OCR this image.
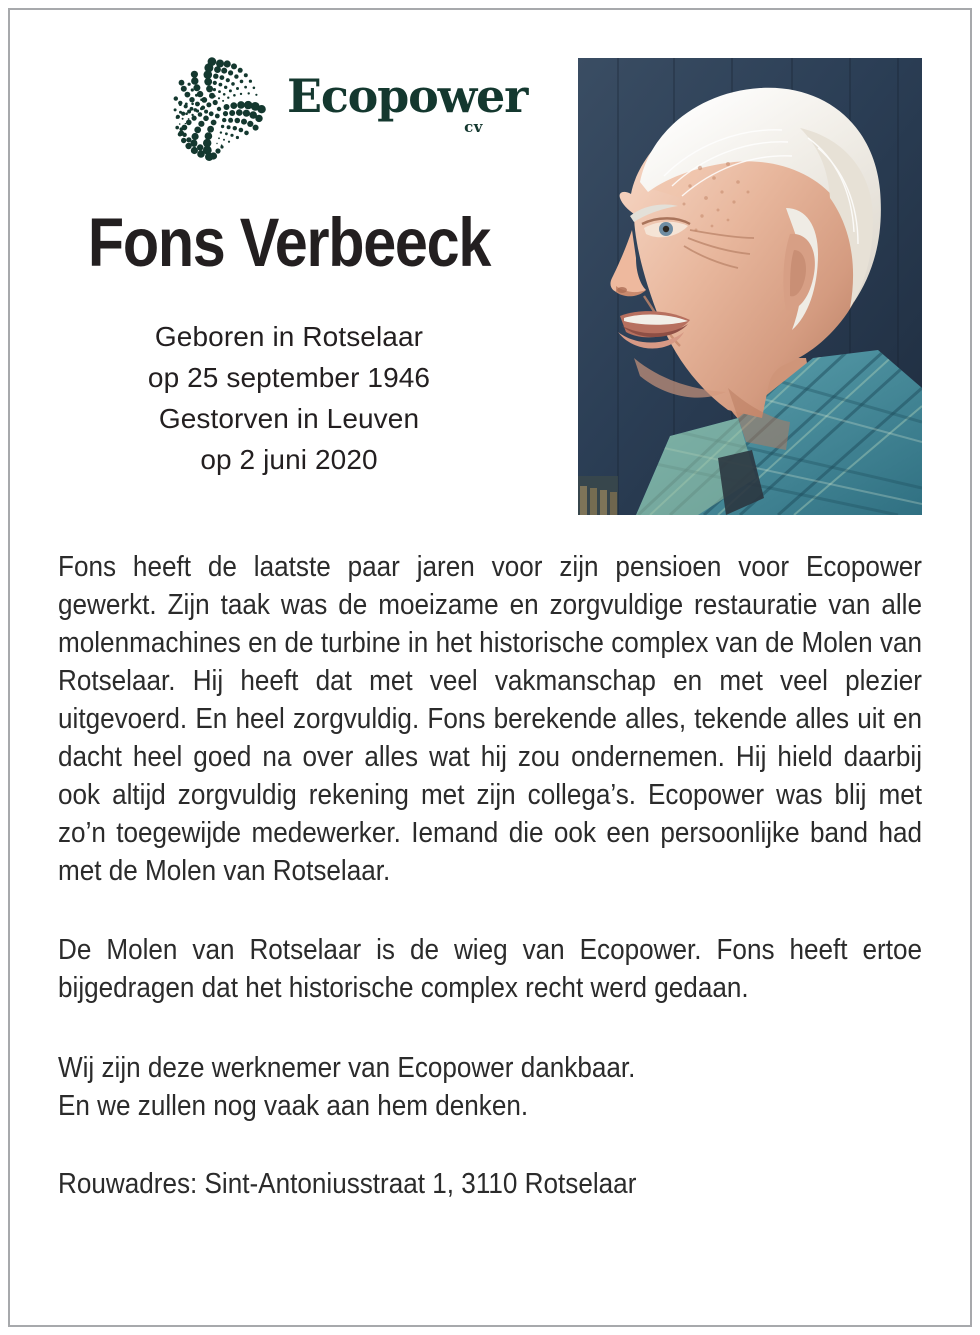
Ecopower
cv
Fons Verbeeck
Geboren in Rotselaar
op 25 september 1946
Gestorven in Leuven
op 2 juni 2020

Fons heeft de laatste paar jaren voor zijn pensioen voor Ecopower gewerkt. Zijn taak was de moeizame en zorgvuldige restauratie van alle molenmachines en de turbine in het historische complex van de Molen van Rotselaar. Hij heeft dat met veel vakmanschap en met veel plezier uitgevoerd. En heel zorgvuldig. Fons berekende alles, tekende alles uit en dacht heel goed na over alles wat hij zou ondernemen. Hij hield daarbij ook altijd zorgvuldig rekening met zijn collega’s. Ecopower was blij met zo’n toegewijde medewerker. Iemand die ook een persoonlijke band had met de Molen van Rotselaar.

De Molen van Rotselaar is de wieg van Ecopower. Fons heeft ertoe bijgedragen dat het historische complex recht werd gedaan.

Wij zijn deze werknemer van Ecopower dankbaar.

En we zullen nog vaak aan hem denken.

Rouwadres: Sint-Antoniusstraat 1, 3110 Rotselaar
